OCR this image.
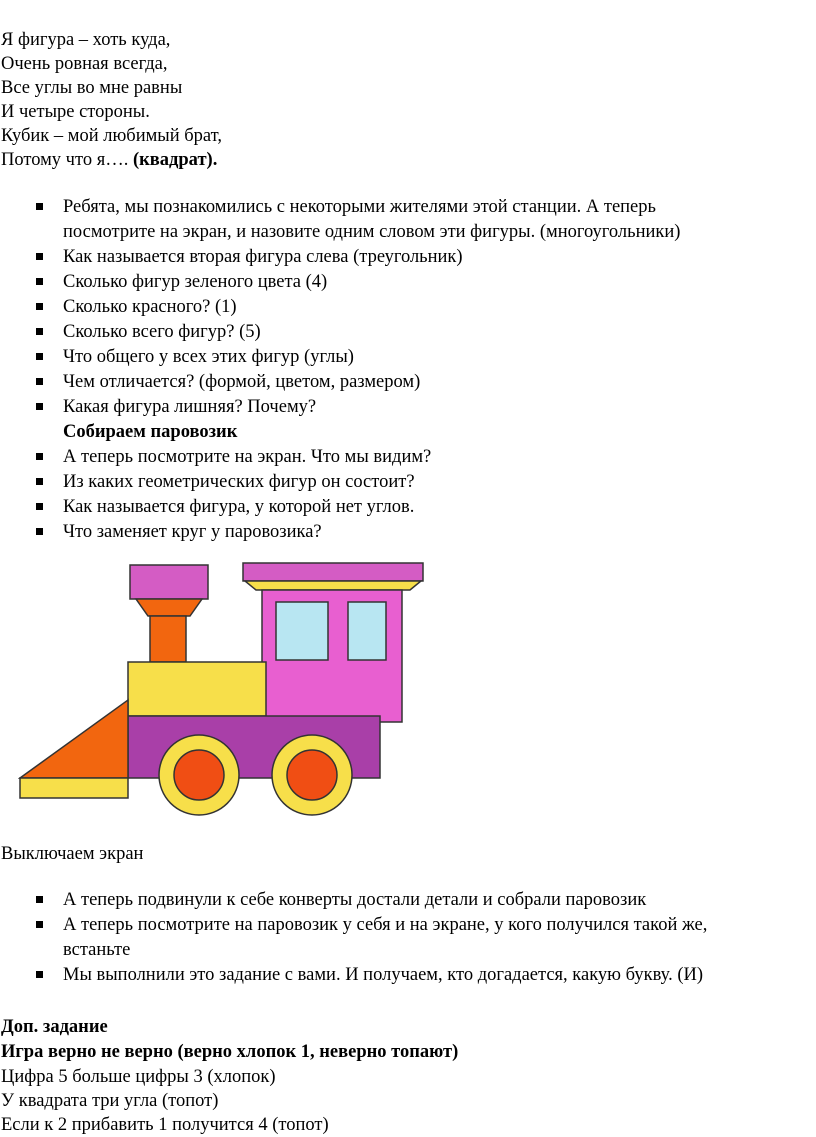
Я фигура – хоть куда,
Очень ровная всегда,
Все углы во мне равны
И четыре стороны.
Кубик – мой любимый брат,
Потому что я…. (квадрат).
Ребята, мы познакомились с некоторыми жителями этой станции. А теперь
посмотрите на экран, и назовите одним словом эти фигуры. (многоугольники)
Как называется вторая фигура слева (треугольник)
Сколько фигур зеленого цвета (4)
Сколько красного? (1)
Сколько всего фигур? (5)
Что общего у всех этих фигур (углы)
Чем отличается? (формой, цветом, размером)
Какая фигура лишняя? Почему?
Собираем паровозик
А теперь посмотрите на экран. Что мы видим?
Из каких геометрических фигур он состоит?
Как называется фигура, у которой нет углов.
Что заменяет круг у паровозика?
Выключаем экран
А теперь подвинули к себе конверты достали детали и собрали паровозик
А теперь посмотрите на паровозик у себя и на экране, у кого получился такой же,
встаньте
Мы выполнили это задание с вами. И получаем, кто догадается, какую букву. (И)
Доп. задание
Игра верно не верно (верно хлопок 1, неверно топают)
Цифра 5 больше цифры 3 (хлопок)
У квадрата три угла (топот)
Если к 2 прибавить 1 получится 4 (топот)
